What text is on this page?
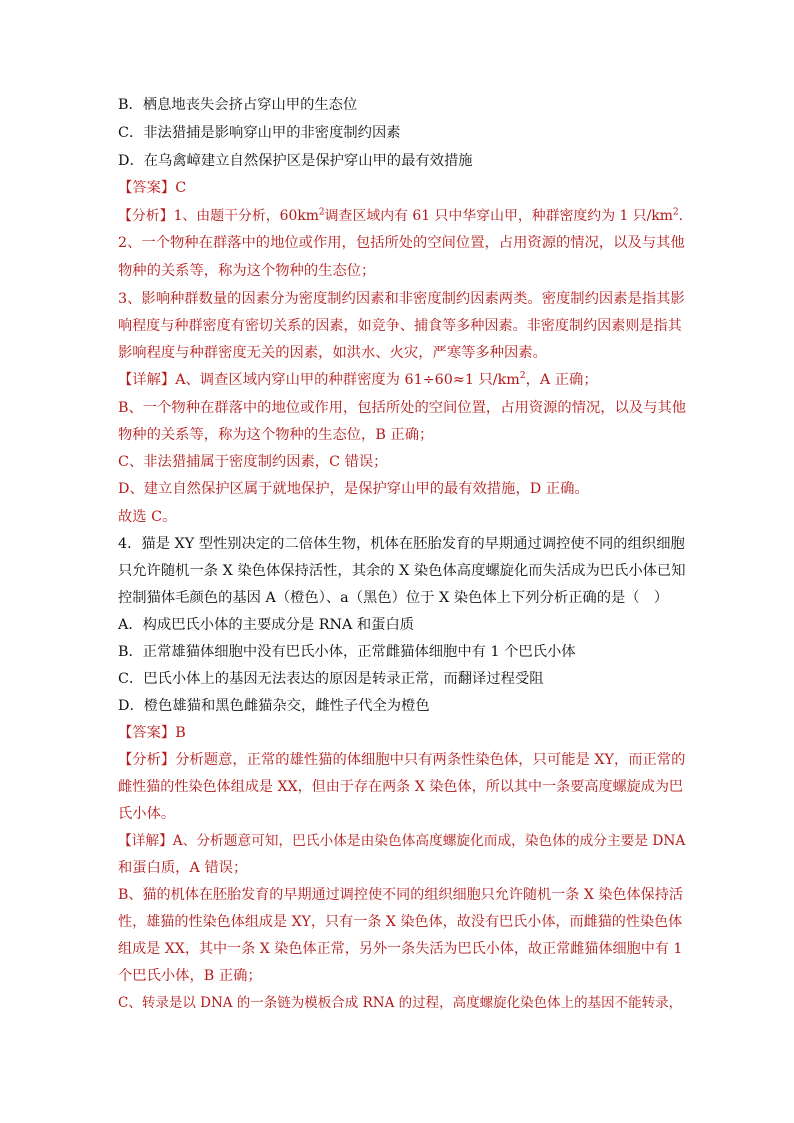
B．栖息地丧失会挤占穿山甲的生态位
C．非法猎捕是影响穿山甲的非密度制约因素
D．在乌禽嶂建立自然保护区是保护穿山甲的最有效措施
【答案】C
【分析】1、由题干分析，$60km^2$调查区域内有 61 只中华穿山甲，种群密度约为 1 只$/km^2$.
2、一个物种在群落中的地位或作用，包括所处的空间位置，占用资源的情况，以及与其他
物种的关系等，称为这个物种的生态位；
3、影响种群数量的因素分为密度制约因素和非密度制约因素两类。密度制约因素是指其影
响程度与种群密度有密切关系的因素，如竞争、捕食等多种因素。非密度制约因素则是指其
影响程度与种群密度无关的因素，如洪水、火灾，严寒等多种因素。
【详解】A、调查区域内穿山甲的种群密度为 61÷60≈1 只$/km^2$，A 正确；
B、一个物种在群落中的地位或作用，包括所处的空间位置，占用资源的情况，以及与其他
物种的关系等，称为这个物种的生态位，B 正确；
C、非法猎捕属于密度制约因素，C 错误；
D、建立自然保护区属于就地保护，是保护穿山甲的最有效措施，D 正确。
故选 C。
4．猫是 XY 型性别决定的二倍体生物，机体在胚胎发育的早期通过调控使不同的组织细胞
只允许随机一条 X 染色体保持活性，其余的 X 染色体高度螺旋化而失活成为巴氏小体已知
控制猫体毛颜色的基因 A（橙色）、a（黑色）位于 X 染色体上下列分析正确的是（　）
A．构成巴氏小体的主要成分是 RNA 和蛋白质
B．正常雄猫体细胞中没有巴氏小体，正常雌猫体细胞中有 1 个巴氏小体
C．巴氏小体上的基因无法表达的原因是转录正常，而翻译过程受阻
D．橙色雄猫和黑色雌猫杂交，雌性子代全为橙色
【答案】B
【分析】分析题意，正常的雄性猫的体细胞中只有两条性染色体，只可能是 XY，而正常的
雌性猫的性染色体组成是 XX，但由于存在两条 X 染色体，所以其中一条要高度螺旋成为巴
氏小体。
【详解】A、分析题意可知，巴氏小体是由染色体高度螺旋化而成，染色体的成分主要是 DNA
和蛋白质，A 错误；
B、猫的机体在胚胎发育的早期通过调控使不同的组织细胞只允许随机一条 X 染色体保持活
性，雄猫的性染色体组成是 XY，只有一条 X 染色体，故没有巴氏小体，而雌猫的性染色体
组成是 XX，其中一条 X 染色体正常，另外一条失活为巴氏小体，故正常雌猫体细胞中有 1
个巴氏小体，B 正确；
C、转录是以 DNA 的一条链为模板合成 RNA 的过程，高度螺旋化染色体上的基因不能转录，
